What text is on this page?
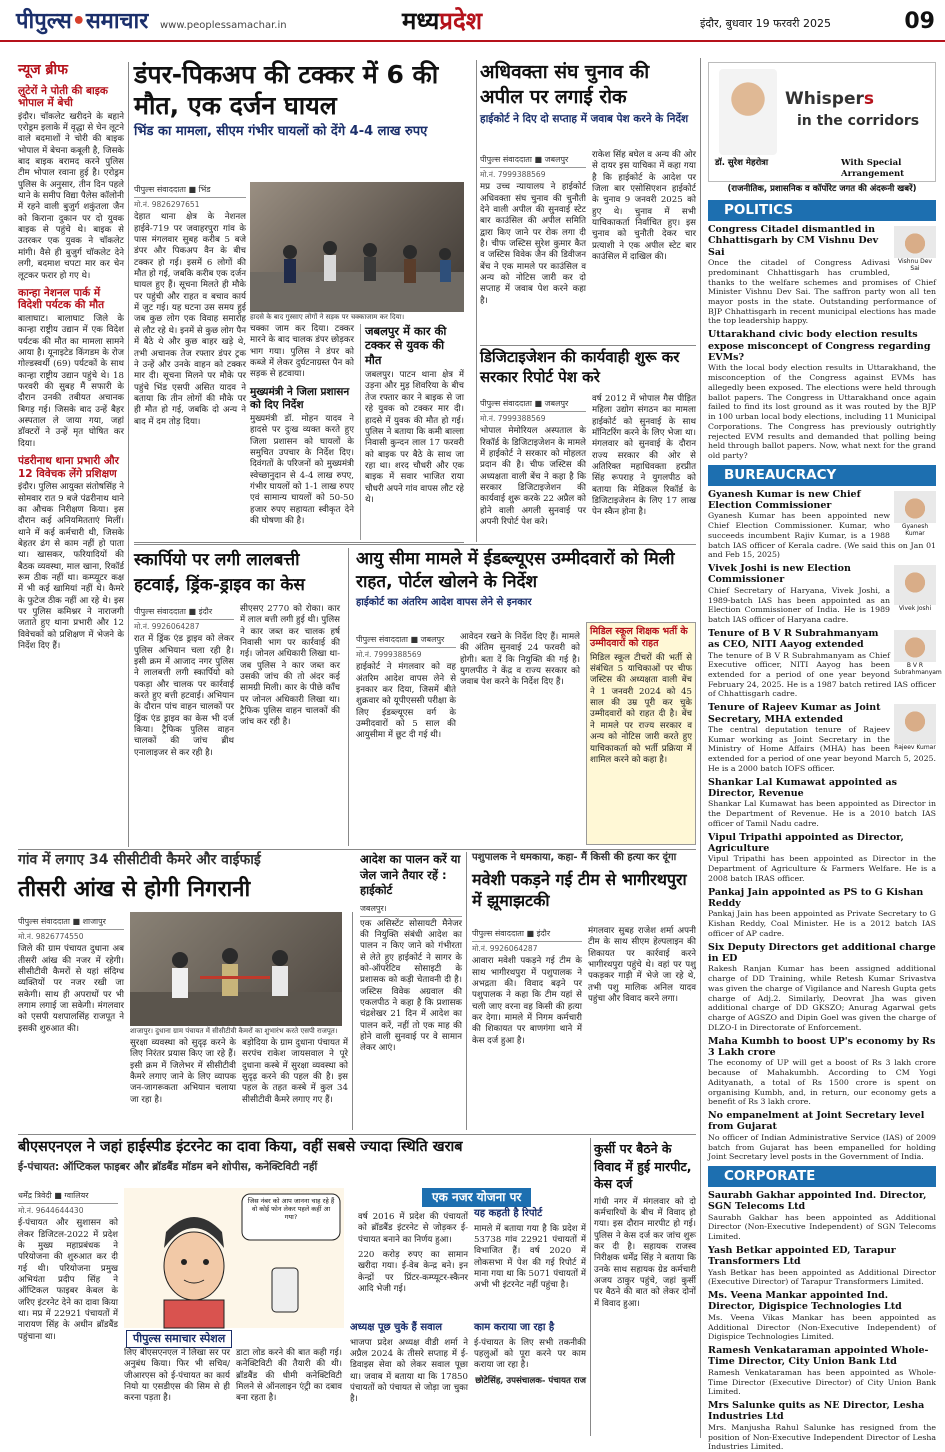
पीपुल्स•समाचार www.peoplessamachar.in	मध्यप्रदेश	इंदौर, बुधवार 19 फरवरी 2025	09
न्यूज ब्रीफ
लुटेरों ने पोती की बाइक भोपाल में बेची
इंदौर। चॉकलेट खरीदने के बहाने एरोड्रम इलाके में वृद्धा से चेन लूटने वाले बदमाशों ने चोरी की बाइक भोपाल में बेचना कबूली है, जिसके बाद बाइक बरामद करने पुलिस टीम भोपाल रवाना हुई है। एरोड्रम पुलिस के अनुसार, तीन दिन पहले थाने के समीप विद्या पैलेस कॉलोनी में रहने वाली बुजुर्ग शकुंतला जैन को किराना दुकान पर दो युवक बाइक से पहुंचे थे। बाइक से उतरकर एक युवक ने चॉकलेट मांगी। वैसे ही बुजुर्ग चॉकलेट देने लगी, बदमाश चपटा मार कर चेन लूटकर फरार हो गए थे।
कान्हा नेशनल पार्क में विदेशी पर्यटक की मौत
बालाघाट। बालाघाट जिले के कान्हा राष्ट्रीय उद्यान में एक विदेश पर्यटक की मौत का मामला सामने आया है। यूनाइटेड किंगडम के रोज गोल्डस्वर्थी (69) पर्यटकों के साथ कान्हा राष्ट्रीय उद्यान पहुंचे थे। 18 फरवरी की सुबह मैं सफारी के दौरान उनकी तबीयत अचानक बिगड़ गई। जिसके बाद उन्हें बैहर अस्पताल ले जाया गया, जहां डॉक्टरों ने उन्हें मृत घोषित कर दिया।
पंडरीनाथ थाना प्रभारी और 12 विवेचक लेंगे प्रशिक्षण
इंदौर। पुलिस आयुक्त संतोषसिंह ने सोमवार रात 9 बजे पंढरीनाथ थाने का औचक निरीक्षण किया। इस दौरान कई अनियमितताएं मिलीं। थाने में कई कर्मचारी थी, जिसके बेहतर ढंग से काम नहीं हो पाता था। खासकर, फरियादियों की बैठक व्यवस्था, माल खाना, रिकॉर्ड रूम ठीक नहीं था। कम्प्यूटर कक्ष में भी कई खामियां नहीं थे। कैमरे के फुटेज ठीक नहीं आ रहे थे। इस पर पुलिस कमिश्नर ने नाराजगी जताते हुए थाना प्रभारी और 12 विवेचकों को प्रशिक्षण में भेजने के निर्देश दिए हैं।
डंपर-पिकअप की टक्कर में 6 की मौत, एक दर्जन घायल
भिंड का मामला, सीएम गंभीर घायलों को देंगे 4-4 लाख रुपए
पीपुल्स संवाददाता ■ भिंड
मो.नं. 9826297651
देहात थाना क्षेत्र के नेशनल हाईवे-719 पर जवाहरपुरा गांव के पास मंगलवार सुबह करीब 5 बजे डंपर और पिकअप वैन के बीच टक्कर हो गई। इसमें 6 लोगों की मौत हो गई, जबकि करीब एक दर्जन घायल हुए हैं। सूचना मिलते ही मौके पर पहुंची और राहत व बचाव कार्य में जुट गई। यह घटना उस समय हुई जब कुछ लोग एक विवाह समारोह से लौट रहे थे। इनमें से कुछ लोग पैन में बैठे थे और कुछ बाहर खड़े थे, तभी अचानक तेज रफ्तार डंपर ट्रक ने उन्हें और उनके वाहन को टक्कर मार दी। सूचना मिलने पर मौके पर पहुंचे भिंड एसपी असित यादव ने बताया कि तीन लोगों की मौके पर ही मौत हो गई, जबकि दो अन्य ने बाद में दम तोड़ दिया।
हादसे के बाद गुस्साए लोगों ने सड़क पर चक्काजाम कर दिया।
चक्का जाम कर दिया। टक्कर मारने के बाद चालक डंपर छोड़कर भाग गया। पुलिस ने डंपर को कब्जे में लेकर दुर्घटनाग्रस्त पैन को सड़क से हटवाया।
मुख्यमंत्री ने जिला प्रशासन को दिए निर्देश
मुख्यमंत्री डॉ. मोहन यादव ने हादसे पर दुःख व्यक्त करते हुए जिला प्रशासन को घायलों के समुचित उपचार के निर्देश दिए। दिवंगतों के परिजनों को मुख्यमंत्री स्वेच्छानुदान से 4-4 लाख रुपए, गंभीर घायलों को 1-1 लाख रुपए एवं सामान्य घायलों को 50-50 हजार रुपए सहायता स्वीकृत देने की घोषणा की है।
जबलपुर में कार की टक्कर से युवक की मौत
जबलपुर। पाटन थाना क्षेत्र में उड़ना और मुड़ शिवरिया के बीच तेज रफ्तार कार ने बाइक से जा रहे युवक को टक्कर मार दी। हादसे में युवक की मौत हो गई। पुलिस ने बताया कि कमी बाल्ला निवासी कुन्दन लाल 17 फरवरी को बाइक पर बैठे के साथ जा रहा था। शरद चौधरी और एक बाइक में सवार भाजित राया चौधरी अपने गांव वापस लौट रहे थे।
अधिवक्ता संघ चुनाव की अपील पर लगाई रोक
हाईकोर्ट ने दिए दो सप्ताह में जवाब पेश करने के निर्देश
पीपुल्स संवाददाता ■ जबलपुर
मो.नं. 7999388569
मप्र उच्च न्यायालय ने हाईकोर्ट अधिवक्ता संघ चुनाव की चुनौती देने वाली अपील की सुनवाई स्टेट बार काउंसिल की अपील समिति द्वारा किए जाने पर रोक लगा दी है। चीफ जस्टिस सुरेश कुमार कैत व जस्टिस विवेक जैन की डिवीजन बेंच ने एक मामले पर काउंसिल व अन्य को नोटिस जारी कर दो सप्ताह में जवाब पेश करने कहा है।
राकेश सिंह बघेल व अन्य की ओर से दायर इस याचिका में कहा गया है कि हाईकोर्ट के आदेश पर जिला बार एसोसिएशन हाईकोर्ट के चुनाव 9 जनवरी 2025 को हुए थे। चुनाव में सभी याचिकाकर्ता निर्वाचित हुए। इस चुनाव को चुनौती देकर चार प्रत्याशी ने एक अपील स्टेट बार काउंसिल में दाखिल की।
डिजिटाइजेशन की कार्यवाही शुरू कर सरकार रिपोर्ट पेश करे
पीपुल्स संवाददाता ■ जबलपुर
मो.नं. 7999388569
भोपाल मेमोरियल अस्पताल के रिकॉर्ड के डिजिटाइजेशन के मामले में हाईकोर्ट ने सरकार को मोहलत प्रदान की है। चीफ जस्टिस की अध्यक्षता वाली बेंच ने कहा है कि सरकार डिजिटाइजेशन की कार्यवाई शुरू करके 22 अप्रैल को होने वाली अगली सुनवाई पर अपनी रिपोर्ट पेश करे।
वर्ष 2012 में भोपाल गैस पीड़ित महिला उद्योग संगठन का मामला हाईकोर्ट को सुनवाई के साथ मॉनिटरिंग करने के लिए भेजा था। मंगलवार को सुनवाई के दौरान राज्य सरकार की ओर से अतिरिक्त महाधिवक्ता हरप्रीत सिंह रूपराह ने युगलपीठ को बताया कि मेडिकल रिकॉर्ड के डिजिटाइजेशन के लिए 17 लाख पेन स्कैन होना है।
स्कार्पियो पर लगी लालबत्ती हटवाई, ड्रिंक-ड्राइव का केस
पीपुल्स संवाददाता ■ इंदौर
मो.नं. 9926064287
रात में ड्रिंक एंड ड्राइव को लेकर पुलिस अभियान चला रही है। इसी क्रम में आजाद नगर पुलिस ने लालबत्ती लगी स्कार्पियो को पकड़ा और चालक पर कार्रवाई करते हुए बत्ती हटवाई। अभियान के दौरान पांच वाहन चालकों पर ड्रिंक एंड ड्राइव का केस भी दर्ज किया। ट्रैफिक पुलिस वाहन चालकों की जांच ब्रीथ एनालाइजर से कर रही है।
सीएसए 2770 को रोका। कार में लाल बत्ती लगी हुई थी। पुलिस ने कार जब्त कर चालक हर्ष निवासी भाग पर कार्रवाई की गई। जोनल अधिकारी लिखा था-जब पुलिस ने कार जब्त कर उसकी जांच की तो अंदर कई सामग्री मिली। कार के पीछे काँच पर जोनल अधिकारी लिखा था। ट्रैफिक पुलिस वाहन चालकों की जांच कर रही है।
आयु सीमा मामले में ईडब्ल्यूएस उम्मीदवारों को मिली राहत, पोर्टल खोलने के निर्देश
हाईकोर्ट का अंतरिम आदेश वापस लेने से इनकार
पीपुल्स संवाददाता ■ जबलपुर
मो.नं. 7999388569
हाईकोर्ट ने मंगलवार को वह अंतरिम आदेश वापस लेने से इनकार कर दिया, जिसमें बीते शुक्रवार को यूपीएससी परीक्षा के लिए ईडब्ल्यूएस वर्ग के उम्मीदवारों को 5 साल की आयुसीमा में छूट दी गई थी।
आवेदन रखने के निर्देश दिए हैं। मामले की अंतिम सुनवाई 24 फरवरी को होगी। बता दें कि नियुक्ति की गई है। युगलपीठ ने केंद्र व राज्य सरकार को जवाब पेश करने के निर्देश दिए हैं।
मिडिल स्कूल शिक्षक भर्ती के उम्मीदवारों को राहत
मिडिल स्कूल टीचरों की भर्ती से संबंधित 5 याचिकाओं पर चीफ जस्टिस की अध्यक्षता वाली बेंच ने 1 जनवरी 2024 को 45 साल की उम्र पूरी कर चुके उम्मीदवारों को राहत दी है। बेंच ने मामले पर राज्य सरकार व अन्य को नोटिस जारी करते हुए याचिकाकर्ता को भर्ती प्रक्रिया में शामिल करने को कहा है।
गांव में लगाए 34 सीसीटीवी कैमरे और वाईफाई
तीसरी आंख से होगी निगरानी
पीपुल्स संवाददाता ■ शाजापुर
मो.नं. 9826774550
जिले की ग्राम पंचायत दुधाना अब तीसरी आंख की नजर में रहेगी। सीसीटीवी कैमरों से यहां संदिग्ध व्यक्तियों पर नजर रखी जा सकेगी। साथ ही अपराधों पर भी लगाम लगाई जा सकेगी। मंगलवार को एसपी यशपालसिंह राजपूत ने इसकी शुरुआत की।	शाजापुर। दुधाना ग्राम पंचायत में सीसीटीवी कैमरों का शुभारंभ करते एसपी राजपूत।
सुरक्षा व्यवस्था को सुदृढ़ करने के लिए निरंतर प्रयास किए जा रहे हैं। इसी क्रम में जिलेभर में सीसीटीवी कैमरे लगाए जाने के लिए व्यापक जन-जागरूकता अभियान चलाया जा रहा है।
बड़ोदिया के ग्राम दुधाना पंचायत में सरपंच राकेश जायसवाल ने पूरे दुधाना कस्बे में सुरक्षा व्यवस्था को सुदृढ़ करने की पहल की है। इस पहल के तहत कस्बे में कुल 34 सीसीटीवी कैमरे लगाए गए हैं।
आदेश का पालन करें या जेल जाने तैयार रहें : हाईकोर्ट
जबलपुर।
एक असिस्टेंट सोसायटी मैनेजर की नियुक्ति संबंधी आदेश का पालन न किए जाने को गंभीरता से लेते हुए हाईकोर्ट ने सागर के को-ऑपरेटिव सोसाइटी के प्रशासक को कड़ी चेतावनी दी है। जस्टिस विवेक अग्रवाल की एकलपीठ ने कहा है कि प्रशासक चंद्रशेखर 21 दिन में आदेश का पालन करें, नहीं तो एक माह की होने वाली सुनवाई पर वे सामान लेकर आएं।
पशुपालक ने धमकाया, कहा- मैं किसी की हत्या कर दूंगा
मवेशी पकड़ने गई टीम से भागीरथपुरा में झूमाझटकी
पीपुल्स संवाददाता ■ इंदौर
मो.नं. 9926064287
आवारा मवेशी पकड़ने गई टीम के साथ भागीरथपुरा में पशुपालक ने अभद्रता की। विवाद बढ़ने पर पशुपालक ने कहा कि टीम यहां से चली जाए वरना वह किसी की हत्या कर देगा। मामले में निगम कर्मचारी की शिकायत पर बाणगंगा थाने में केस दर्ज हुआ है।
मंगलवार सुबह राजेश शर्मा अपनी टीम के साथ सीएम हेल्पलाइन की शिकायत पर कार्रवाई करने भागीरथपुरा पहुंचे थे। वहां पर पशु पकड़कर गाड़ी में भेजे जा रहे थे, तभी पशु मालिक अनिल यादव पहुंचा और विवाद करने लगा।
बीएसएनएल ने जहां हाईस्पीड इंटरनेट का दावा किया, वहीं सबसे ज्यादा स्थिति खराब
ई-पंचायत: ऑप्टिकल फाइबर और ब्रॉडबैंड मॉडम बने शोपीस, कनेक्टिविटी नहीं
धर्मेंद्र त्रिवेदी ■ ग्वालियर
मो.नं. 9644644430
ई-पंचायत और सुशासन को लेकर डिजिटल-2022 में प्रदेश के मुख्य महाप्रबंधक ने परियोजना की शुरुआत कर दी गई थी। परियोजना प्रमुख अभियंता प्रदीप सिंह ने ऑप्टिकल फाइबर केबल के जरिए इंटरनेट देने का दावा किया था। मप्र में 22921 पंचायतों में नारायण सिंह के अधीन ब्रॉडबैंड पहुंचाना था।
जिस नंबर को आप जानना चाह रहे हैं वो कोई फोन लेकर पहले कहीं आ गया?
पीपुल्स समाचार स्पेशल
लिए बीएसएनएल ने लिखा सर पर अनुबंध किया। फिर भी सचिव/जीआरएस को ई-पंचायत का कार्य नियो या एसडीएस की सिम से ही करना पड़ता है।
डाटा लोड करने की बात कही गई। कनेक्टिविटी की तैयारी की थी। ब्रॉडबैंड की धीमी कनेक्टिविटी मिलने से ऑनलाइन एंट्री का दबाव बना रहता है।
एक नजर योजना पर
वर्ष 2016 में प्रदेश की पंचायतों को ब्रॉडबैंड इंटरनेट से जोड़कर ई-पंचायत बनाने का निर्णय हुआ।
220 करोड़ रुपए का सामान खरीदा गया। ई-वेब केन्द्र बने। इन केन्द्रों पर प्रिंटर-कम्प्यूटर-स्कैनर आदि भेजी गई।
यह कहती है रिपोर्ट
मामले में बताया गया है कि प्रदेश में 53738 गांव 22921 पंचायतों में विभाजित हैं। वर्ष 2020 में लोकसभा में पेश की गई रिपोर्ट में माना गया था कि 5071 पंचायतों में अभी भी इंटरनेट नहीं पहुंचा है।
अध्यक्ष पूछ चुके हैं सवाल
भाजपा प्रदेश अध्यक्ष वीडी शर्मा ने अप्रैल 2024 के तीसरे सप्ताह में ई-डिवाइस सेवा को लेकर सवाल पूछा था। जवाब में बताया था कि 17850 पंचायतों को पंचायत से जोड़ा जा चुका है।
काम कराया जा रहा है
ई-पंचायत के लिए सभी तकनीकी पहलुओं को पूरा करने पर काम कराया जा रहा है।
छोटेसिंह, उपसंचालक- पंचायत राज
कुर्सी पर बैठने के विवाद में हुई मारपीट, केस दर्ज
गांधी नगर में मंगलवार को दो कर्मचारियों के बीच में विवाद हो गया। इस दौरान मारपीट हो गई। पुलिस ने केस दर्ज कर जांच शुरू कर दी है। सहायक राजस्व निरीक्षक धर्मेंद्र सिंह ने बताया कि उनके साथ सहायक ग्रेड कर्मचारी अजय ठाकुर पहुंचे, जहां कुर्सी पर बैठने की बात को लेकर दोनों में विवाद हुआ।
Whispers
in the corridors
डॉ. सुरेश मेहरोत्रा	With Special Arrangement
(राजनीतिक, प्रशासनिक व कॉर्पोरेट जगत की अंदरूनी खबरें)
POLITICS
Vishnu Dev Sai
Congress Citadel dismantled in Chhattisgarh by CM Vishnu Dev Sai
Once the citadel of Congress Adivasi predominant Chhattisgarh has crumbled, thanks to the welfare schemes and promises of Chief Minister Vishnu Dev Sai. The saffron party won all ten mayor posts in the state. Outstanding performance of BJP Chhattisgarh in recent municipal elections has made the top leadership happy.
Uttarakhand civic body election results expose misconcept of Congress regarding EVMs?
With the local body election results in Uttarakhand, the misconception of the Congress against EVMs has allegedly been exposed. The elections were held through ballot papers. The Congress in Uttarakhand once again failed to find its lost ground as it was routed by the BJP in 100 urban local body elections, including 11 Municipal Corporations. The Congress has previously outrightly rejected EVM results and demanded that polling being held through ballot papers. Now, what next for the grand old party?
BUREAUCRACY
Gyanesh Kumar
Gyanesh Kumar is new Chief Election Commissioner
Gyanesh Kumar has been appointed new Chief Election Commissioner. Kumar, who succeeds incumbent Rajiv Kumar, is a 1988 batch IAS officer of Kerala cadre. (We said this on Jan 01 and Feb 15, 2025)
Vivek Joshi
Vivek Joshi is new Election Commissioner
Chief Secretary of Haryana, Vivek Joshi, a 1989-batch IAS has been appointed as an Election Commissioner of India. He is 1989 batch IAS officer of Haryana cadre.
B V R Subrahmanyam
Tenure of B V R Subrahmanyam as CEO, NITI Aayog extended
The tenure of B V R Subrahmanyam as Chief Executive officer, NITI Aayog has been extended for a period of one year beyond February 24, 2025. He is a 1987 batch retired IAS officer of Chhattisgarh cadre.
Rajeev Kumar
Tenure of Rajeev Kumar as Joint Secretary, MHA extended
The central deputation tenure of Rajeev Kumar working as Joint Secretary in the Ministry of Home Affairs (MHA) has been extended for a period of one year beyond March 5, 2025. He is a 2000 batch IOFS officer.
Shankar Lal Kumawat appointed as Director, Revenue
Shankar Lal Kumawat has been appointed as Director in the Department of Revenue. He is a 2010 batch IAS officer of Tamil Nadu cadre.
Vipul Tripathi appointed as Director, Agriculture
Vipul Tripathi has been appointed as Director in the Department of Agriculture & Farmers Welfare. He is a 2008 batch IRAS officer.
Pankaj Jain appointed as PS to G Kishan Reddy
Pankaj Jain has been appointed as Private Secretary to G Kishan Reddy, Coal Minister. He is a 2012 batch IAS officer of AP cadre.
Six Deputy Directors get additional charge in ED
Rakesh Ranjan Kumar has been assigned additional charge of DD Training, while Retesh Kumar Srivastva was given the charge of Vigilance and Naresh Gupta gets charge of Adj.2. Similarly, Deovrat Jha was given additional charge of DD GKSZO; Anurag Agarwal gets charge of AGSZO and Dipin Goel was given the charge of DLZO-I in Directorate of Enforcement.
Maha Kumbh to boost UP's economy by Rs 3 Lakh crore
The economy of UP will get a boost of Rs 3 lakh crore because of Mahakumbh. According to CM Yogi Adityanath, a total of Rs 1500 crore is spent on organising Kumbh, and, in return, our economy gets a benefit of Rs 3 lakh crore.
No empanelment at Joint Secretary level from Gujarat
No officer of Indian Administrative Service (IAS) of 2009 batch from Gujarat has been empanelled for holding Joint Secretary level posts in the Government of India.
CORPORATE
Saurabh Gakhar appointed Ind. Director, SGN Telecoms Ltd
Saurabh Gakhar has been appointed as Additional Director (Non-Executive Independent) of SGN Telecoms Limited.
Yash Betkar appointed ED, Tarapur Transformers Ltd
Yash Betkar has been appointed as Additional Director (Executive Director) of Tarapur Transformers Limited.
Ms. Veena Mankar appointed Ind. Director, Digispice Technologies Ltd
Ms. Veena Vikas Mankar has been appointed as Additional Director (Non-Executive Independent) of Digispice Technologies Limited.
Ramesh Venkataraman appointed Whole-Time Director, City Union Bank Ltd
Ramesh Venkataraman has been appointed as Whole-Time Director (Executive Director) of City Union Bank Limited.
Mrs Salunke quits as NE Director, Lesha Industries Ltd
Mrs. Manjusha Rahul Salunke has resigned from the position of Non-Executive Independent Director of Lesha Industries Limited.
